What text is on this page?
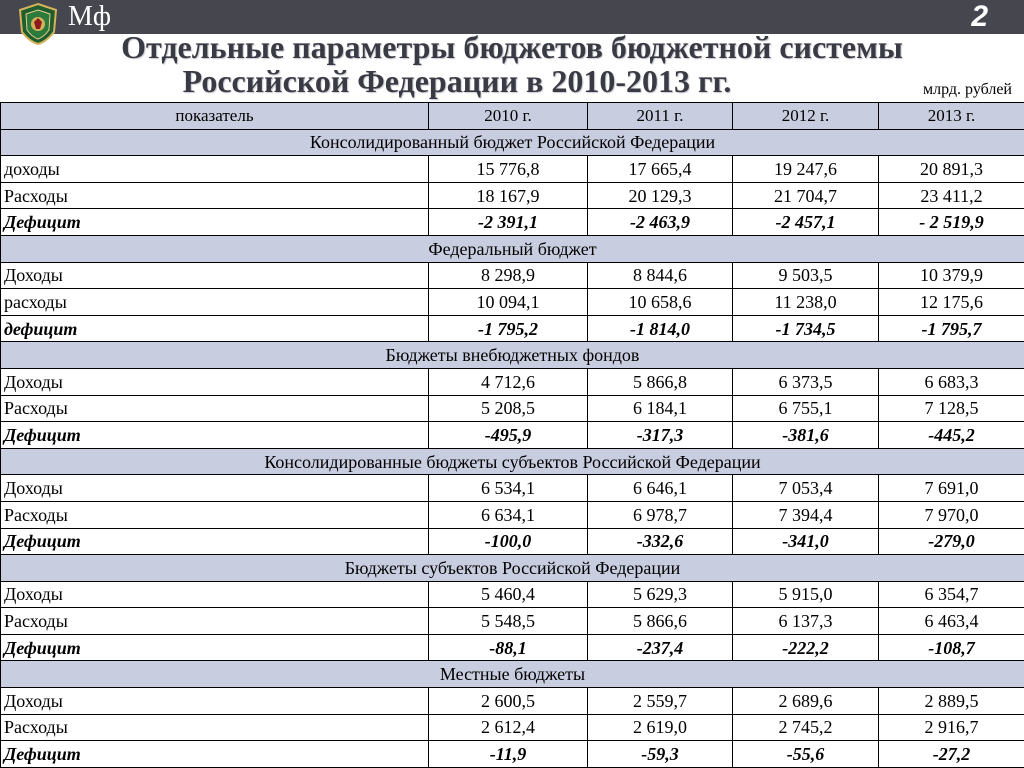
Мф	2
Отдельные параметры бюджетов бюджетной системы

Российской Федерации в 2010-2013 гг.	млрд. рублей
показатель	2010 г.	2011 г.	2012 г.	2013 г.
Консолидированный бюджет Российской Федерации				
доходы	15 776,8	17 665,4	19 247,6	20 891,3
Расходы	18 167,9	20 129,3	21 704,7	23 411,2
Дефицит	-2 391,1	-2 463,9	-2 457,1	- 2 519,9
Федеральный бюджет				
Доходы	8 298,9	8 844,6	9 503,5	10 379,9
расходы	10 094,1	10 658,6	11 238,0	12 175,6
дефицит	-1 795,2	-1 814,0	-1 734,5	-1 795,7
Бюджеты внебюджетных фондов				
Доходы	4 712,6	5 866,8	6 373,5	6 683,3
Расходы	5 208,5	6 184,1	6 755,1	7 128,5
Дефицит	-495,9	-317,3	-381,6	-445,2
Консолидированные бюджеты субъектов Российской Федерации				
Доходы	6 534,1	6 646,1	7 053,4	7 691,0
Расходы	6 634,1	6 978,7	7 394,4	7 970,0
Дефицит	-100,0	-332,6	-341,0	-279,0
Бюджеты субъектов Российской Федерации				
Доходы	5 460,4	5 629,3	5 915,0	6 354,7
Расходы	5 548,5	5 866,6	6 137,3	6 463,4
Дефицит	-88,1	-237,4	-222,2	-108,7
Местные бюджеты				
Доходы	2 600,5	2 559,7	2 689,6	2 889,5
Расходы	2 612,4	2 619,0	2 745,2	2 916,7
Дефицит	-11,9	-59,3	-55,6	-27,2
